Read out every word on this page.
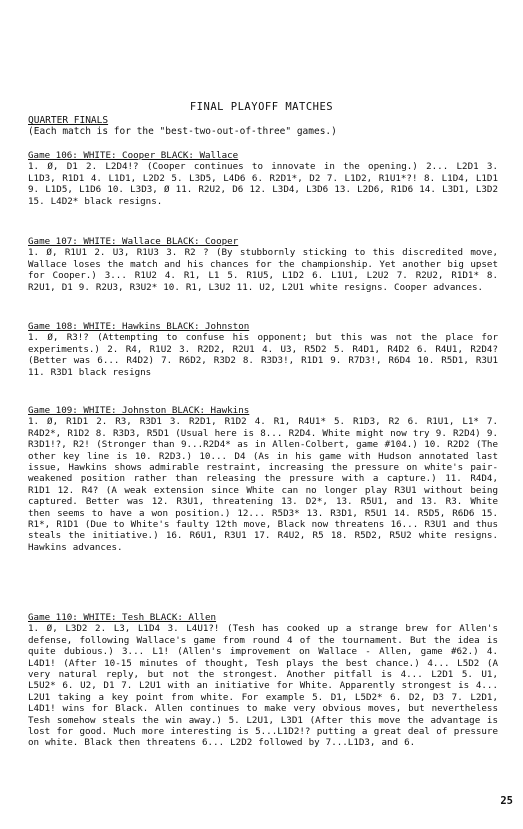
FINAL PLAYOFF MATCHES
QUARTER FINALS
(Each match is for the "best-two-out-of-three" games.)
Game 106: WHITE: Cooper BLACK: Wallace
1. Ø, D1 2. L2D4!? (Cooper continues to innovate in the opening.) 2... L2D1 3. L1D3, R1D1 4. L1D1, L2D2 5. L3D5, L4D6 6. R2D1*, D2 7. L1D2, R1U1*?! 8. L1D4, L1D1 9. L1D5, L1D6 10. L3D3, Ø 11. R2U2, D6 12. L3D4, L3D6 13. L2D6, R1D6 14. L3D1, L3D2 15. L4D2* black resigns.
Game 107: WHITE: Wallace BLACK: Cooper
1. Ø, R1U1 2. U3, R1U3 3. R2 ? (By stubbornly sticking to this discredited move, Wallace loses the match and his chances for the championship. Yet another big upset for Cooper.) 3... R1U2 4. R1, L1 5. R1U5, L1D2 6. L1U1, L2U2 7. R2U2, R1D1* 8. R2U1, D1 9. R2U3, R3U2* 10. R1, L3U2 11. U2, L2U1 white resigns. Cooper advances.
Game 108: WHITE: Hawkins BLACK: Johnston
1. Ø, R3!? (Attempting to confuse his opponent; but this was not the place for experiments.) 2. R4, R1U2 3. R2D2, R2U1 4. U3, R5D2 5. R4D1, R4D2 6. R4U1, R2D4? (Better was 6... R4D2) 7. R6D2, R3D2 8. R3D3!, R1D1 9. R7D3!, R6D4 10. R5D1, R3U1 11. R3D1 black resigns
Game 109: WHITE: Johnston BLACK: Hawkins
1. Ø, R1D1 2. R3, R3D1 3. R2D1, R1D2 4. R1, R4U1* 5. R1D3, R2 6. R1U1, L1* 7. R4D2*, R1D2 8. R3D3, R5D1 (Usual here is 8... R2D4. White might now try 9. R2D4) 9. R3D1!?, R2! (Stronger than 9...R2D4* as in Allen-Colbert, game #104.) 10. R2D2 (The other key line is 10. R2D3.) 10... D4 (As in his game with Hudson annotated last issue, Hawkins shows admirable restraint, increasing the pressure on white's pair-weakened position rather than releasing the pressure with a capture.) 11. R4D4, R1D1 12. R4? (A weak extension since White can no longer play R3U1 without being captured. Better was 12. R3U1, threatening 13. D2*, 13. R5U1, and 13. R3. White then seems to have a won position.) 12... R5D3* 13. R3D1, R5U1 14. R5D5, R6D6 15. R1*, R1D1 (Due to White's faulty 12th move, Black now threatens 16... R3U1 and thus steals the initiative.) 16. R6U1, R3U1 17. R4U2, R5 18. R5D2, R5U2 white resigns. Hawkins advances.
Game 110: WHITE: Tesh BLACK: Allen
1. Ø, L3D2 2. L3, L1D4 3. L4U1?! (Tesh has cooked up a strange brew for Allen's defense, following Wallace's game from round 4 of the tournament. But the idea is quite dubious.) 3... L1! (Allen's improvement on Wallace - Allen, game #62.) 4. L4D1! (After 10-15 minutes of thought, Tesh plays the best chance.) 4... L5D2 (A very natural reply, but not the strongest. Another pitfall is 4... L2D1 5. U1, L5U2* 6. U2, D1 7. L2U1 with an initiative for White. Apparently strongest is 4... L2U1 taking a key point from white. For example 5. D1, L5D2* 6. D2, D3 7. L2D1, L4D1! wins for Black. Allen continues to make very obvious moves, but nevertheless Tesh somehow steals the win away.) 5. L2U1, L3D1 (After this move the advantage is lost for good. Much more interesting is 5...L1D2!? putting a great deal of pressure on white. Black then threatens 6... L2D2 followed by 7...L1D3, and 6.
25
